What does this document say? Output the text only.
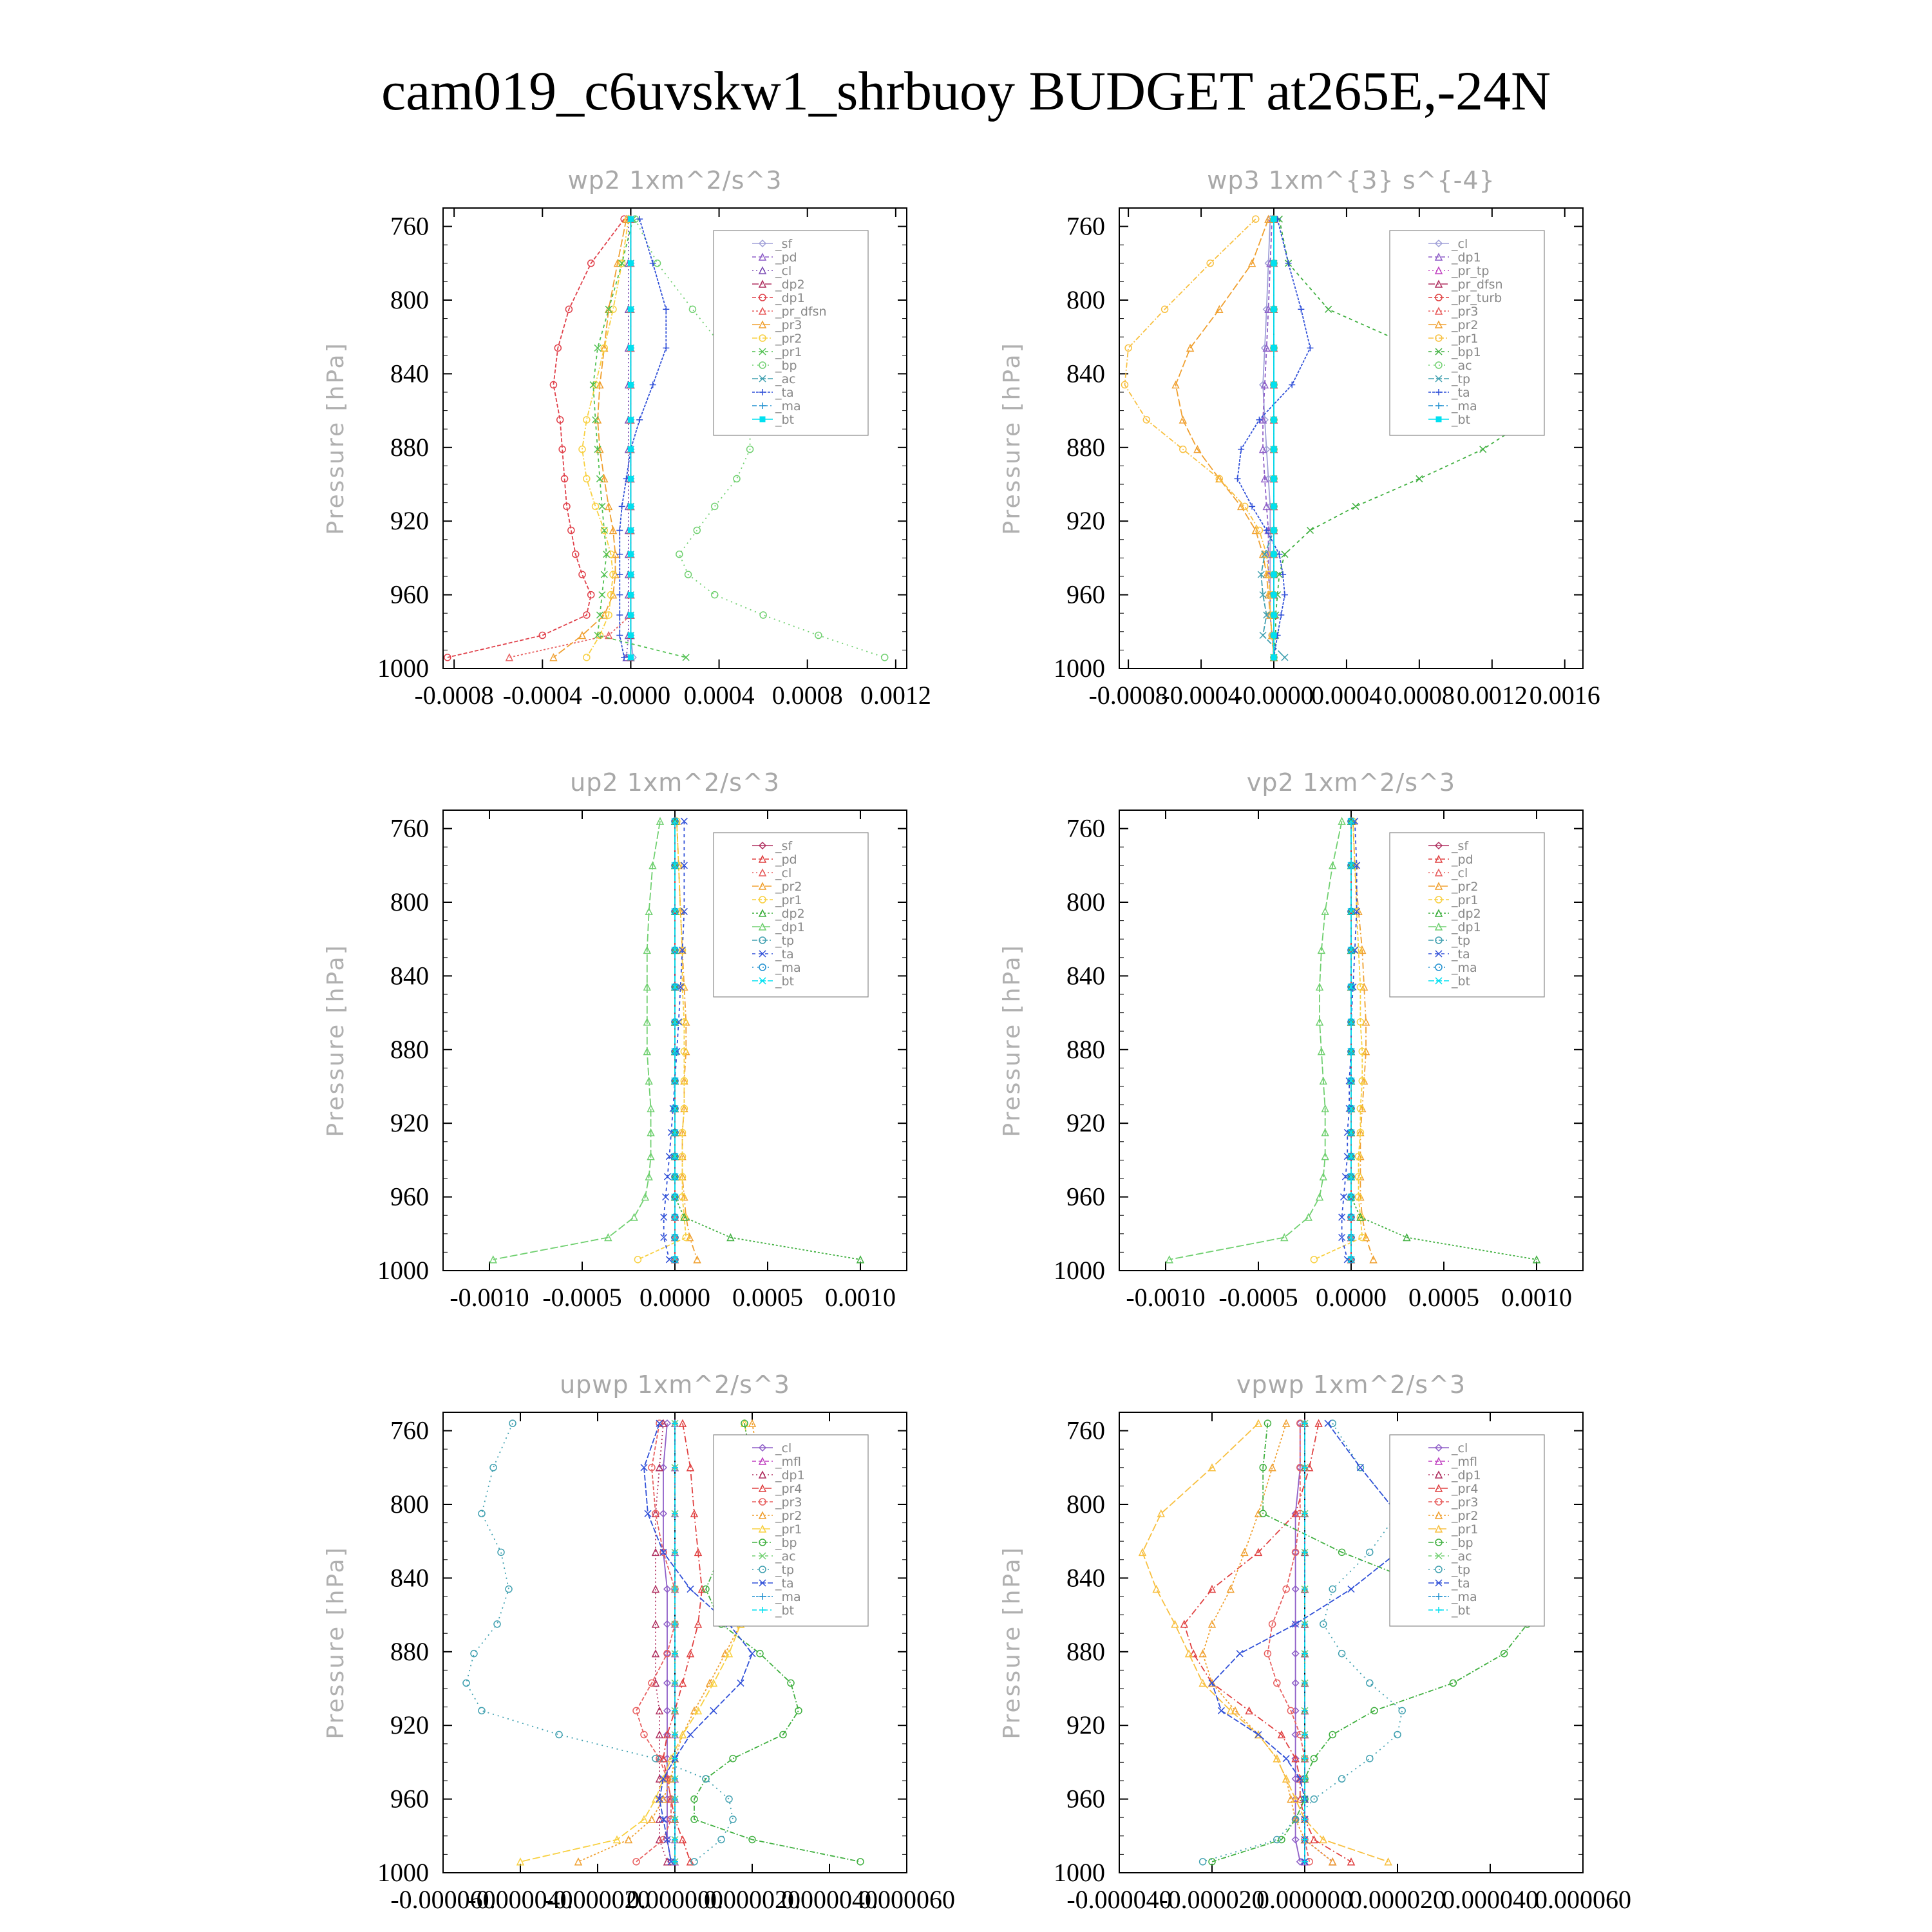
cam019_c6uvskw1_shrbuoy BUDGET at265E,-24N
wp2 1xm^2/s^3
Pressure [hPa]
760
800
840
880
920
960
1000
-0.0008 -0.0004 -0.0000 0.0004 0.0008 0.0012
_sf
_pd
_cl
_dp2
_dp1
_pr_dfsn
_pr3
_pr2
_pr1
_bp
_ac
_ta
_ma
_bt
wp3 1xm^{3} s^{-4}
Pressure [hPa]
760
800
840
880
920
960
1000
-0.0008
-0.0004
-0.0000
0.0004 0.0008 0.0012 0.0016
_cl
_dp1
_pr_tp
_pr_dfsn
_pr_turb
_pr3
_pr2
_pr1
_bp1
_ac
_tp
_ta
_ma
_bt
up2 1xm^2/s^3
Pressure [hPa]
760
800
840
880
920
960
1000
-0.0010 -0.0005 0.0000 0.0005 0.0010
_sf
_pd
_cl
_pr2
_pr1
_dp2
_dp1
_tp
_ta
_ma
_bt
vp2 1xm^2/s^3
Pressure [hPa]
760
800
840
880
920
960
1000
-0.0010 -0.0005 0.0000 0.0005 0.0010
_sf
_pd
_cl
_pr2
_pr1
_dp2
_dp1
_tp
_ta
_ma
_bt
upwp 1xm^2/s^3
Pressure [hPa]
760
800
840
880
920
960
1000
-0.000060
-0.000040
-0.000020
0.000000
0.000020
0.000040
0.000060
_cl
_mfl
_dp1
_pr4
_pr3
_pr2
_pr1
_bp
_ac
_tp
_ta
_ma
_bt
vpwp 1xm^2/s^3
Pressure [hPa]
760
800
840
880
920
960
1000
-0.000040
-0.000020
0.000000
0.000020
0.000040
0.000060
_cl
_mfl
_dp1
_pr4
_pr3
_pr2
_pr1
_bp
_ac
_tp
_ta
_ma
_bt
